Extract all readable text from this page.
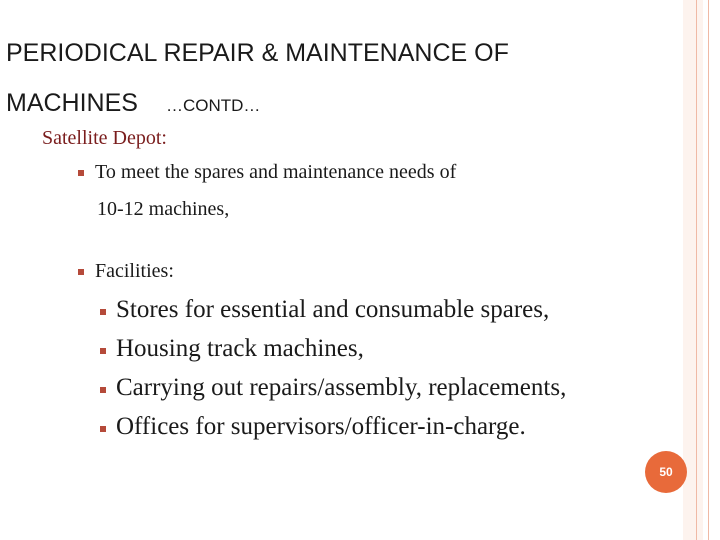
PERIODICAL REPAIR & MAINTENANCE OF
MACHINES …CONTD…
Satellite Depot:
To meet the spares and maintenance needs of
10-12 machines,
Facilities:
Stores for essential and consumable spares,
Housing track machines,
Carrying out repairs/assembly, replacements,
Offices for supervisors/officer-in-charge.
50
